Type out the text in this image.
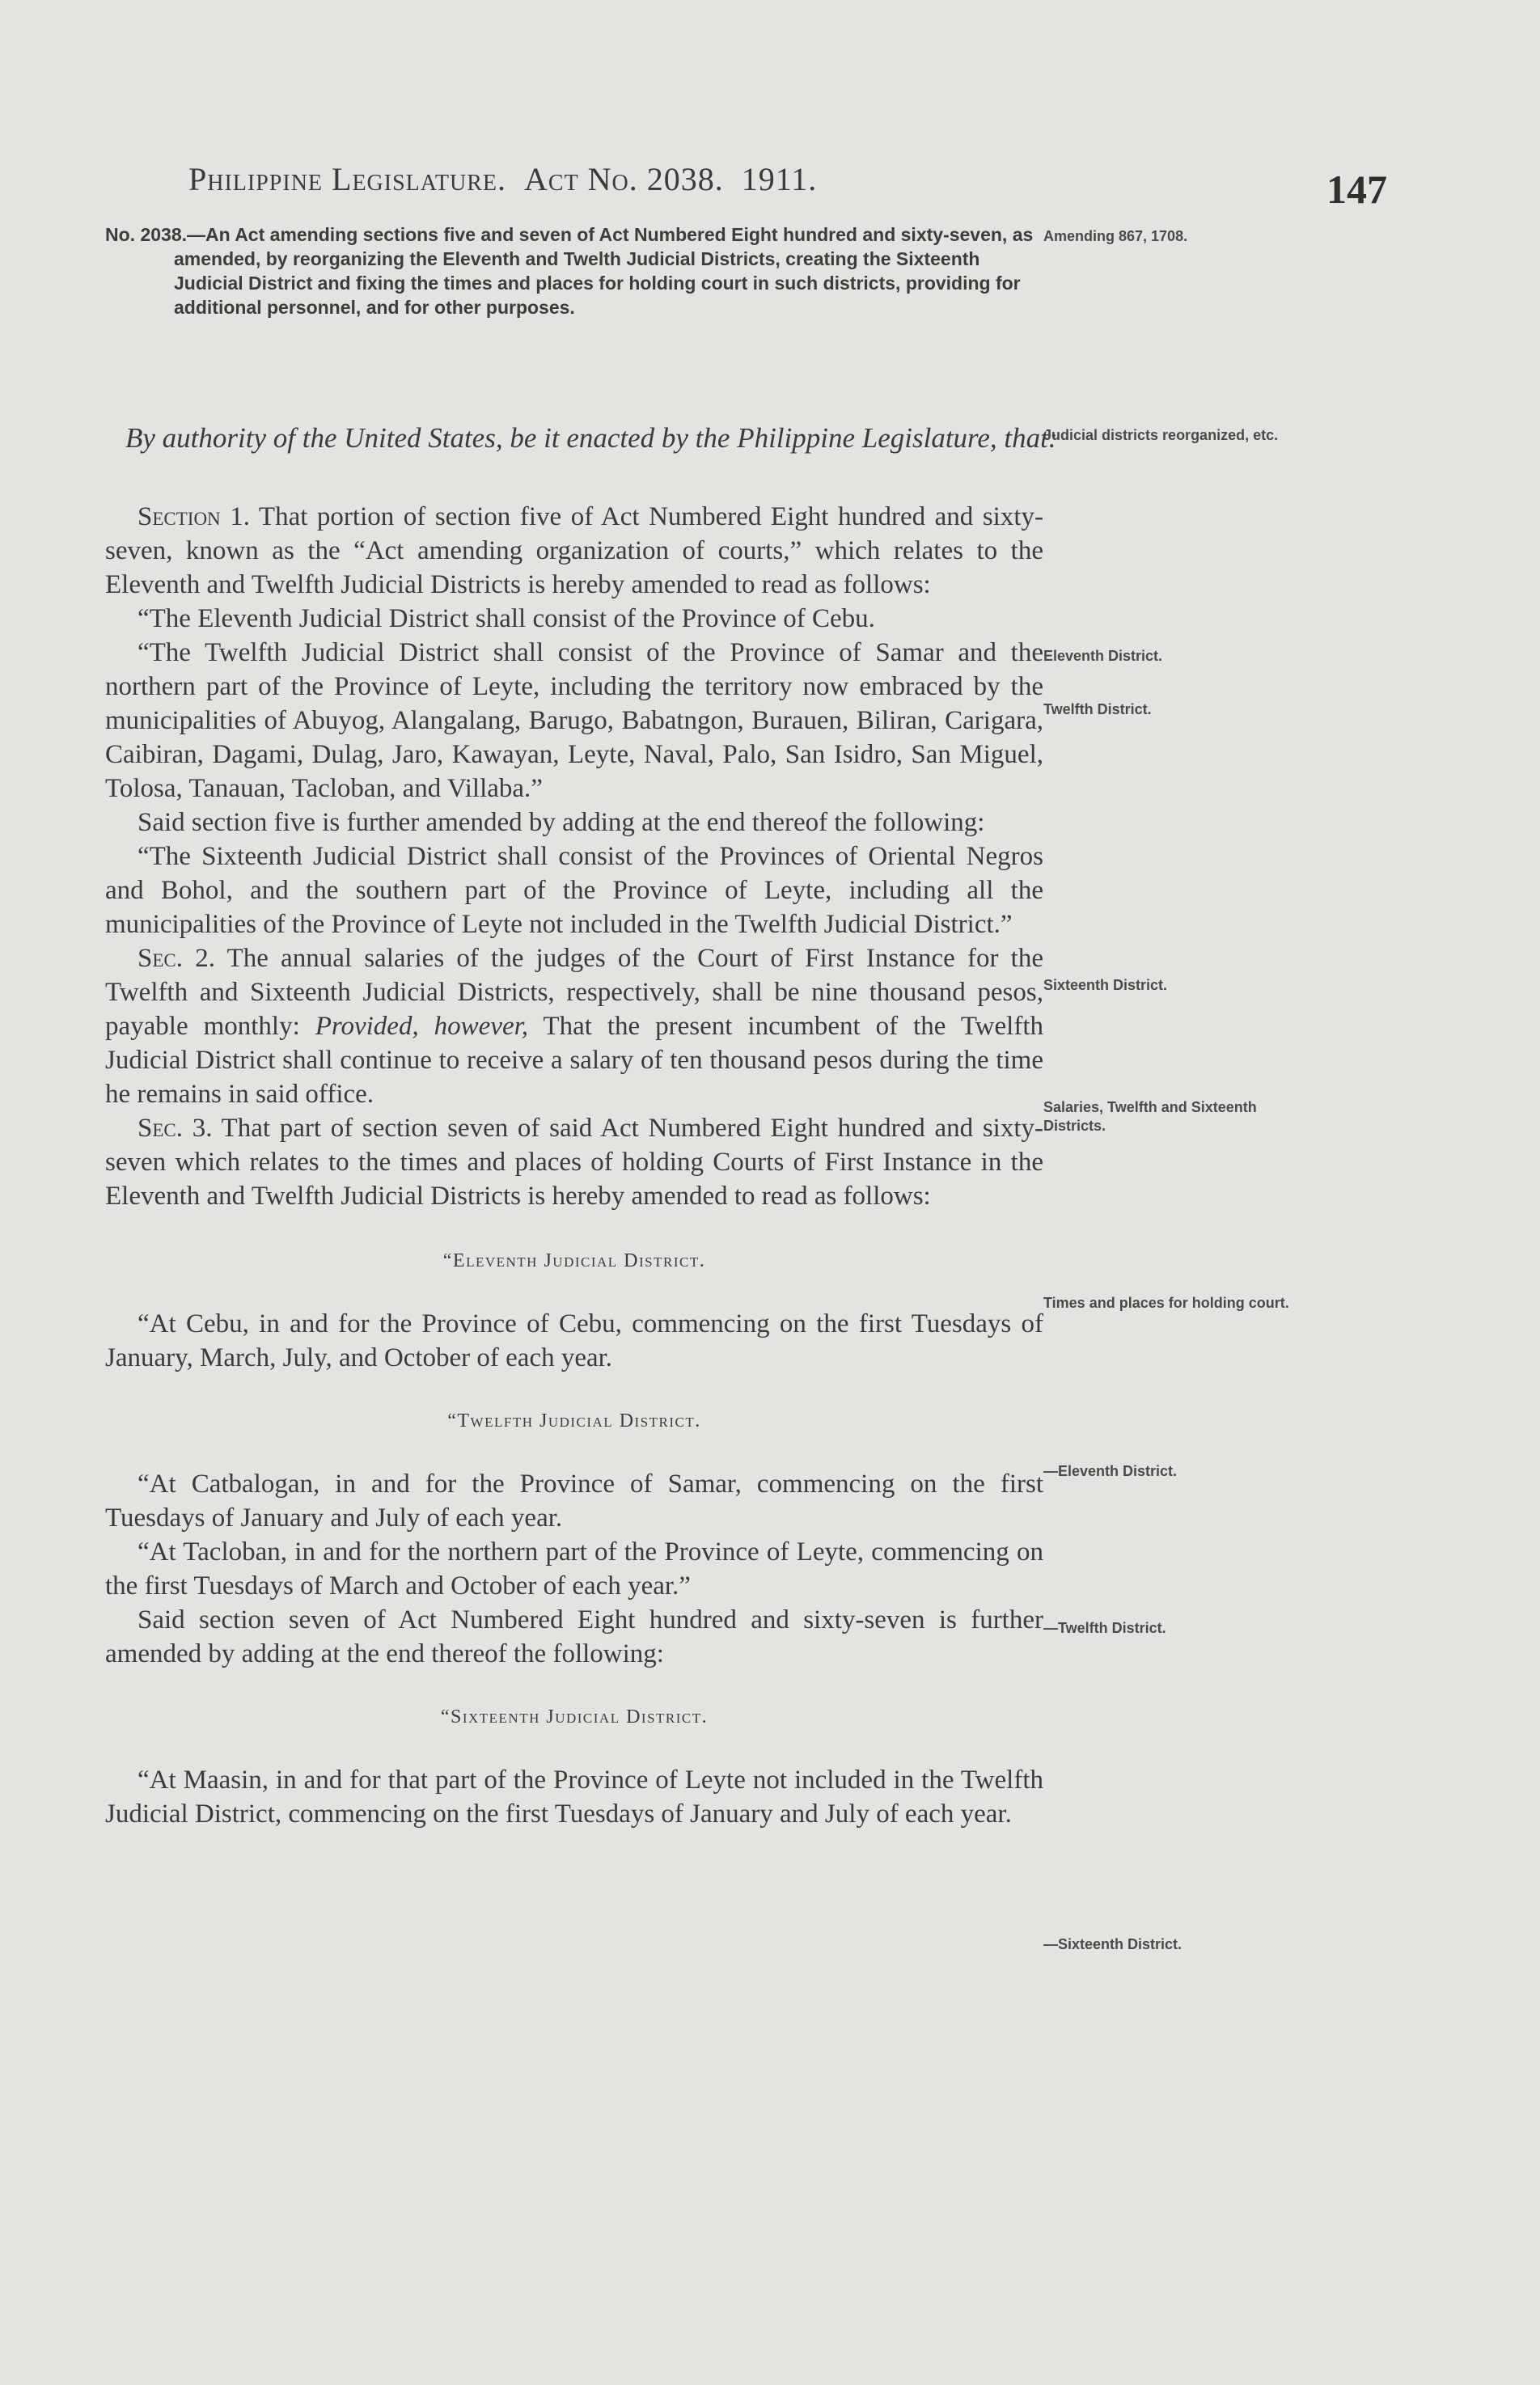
Philippine Legislature. Act No. 2038. 1911.	147
No. 2038.—An Act amending sections five and seven of Act Numbered Eight hundred and sixty-seven, as amended, by reorganizing the Eleventh and Twelth Judicial Districts, creating the Sixteenth Judicial District and fixing the times and places for holding court in such districts, providing for additional personnel, and for other purposes.
By authority of the United States, be it enacted by the Philippine Legislature, that:
Amending 867, 1708.
Judicial districts reorganized, etc.
Eleventh District.
Twelfth District.
Sixteenth District.
Salaries, Twelfth and Sixteenth Districts.
Times and places for holding court.
—Eleventh District.
—Twelfth District.
—Sixteenth District.

Section 1. That portion of section five of Act Numbered Eight hundred and sixty-seven, known as the “Act amending organization of courts,” which relates to the Eleventh and Twelfth Judicial Districts is hereby amended to read as follows:

“The Eleventh Judicial District shall consist of the Province of Cebu.

“The Twelfth Judicial District shall consist of the Province of Samar and the northern part of the Province of Leyte, including the territory now embraced by the municipalities of Abuyog, Alangalang, Barugo, Babatngon, Burauen, Biliran, Carigara, Caibiran, Dagami, Dulag, Jaro, Kawayan, Leyte, Naval, Palo, San Isidro, San Miguel, Tolosa, Tanauan, Tacloban, and Villaba.”

Said section five is further amended by adding at the end thereof the following:

“The Sixteenth Judicial District shall consist of the Provinces of Oriental Negros and Bohol, and the southern part of the Province of Leyte, including all the municipalities of the Province of Leyte not included in the Twelfth Judicial District.”

Sec. 2. The annual salaries of the judges of the Court of First Instance for the Twelfth and Sixteenth Judicial Districts, respectively, shall be nine thousand pesos, payable monthly: Provided, however, That the present incumbent of the Twelfth Judicial District shall continue to receive a salary of ten thousand pesos during the time he remains in said office.

Sec. 3. That part of section seven of said Act Numbered Eight hundred and sixty-seven which relates to the times and places of holding Courts of First Instance in the Eleventh and Twelfth Judicial Districts is hereby amended to read as follows:

“Eleventh Judicial District.

“At Cebu, in and for the Province of Cebu, commencing on the first Tuesdays of January, March, July, and October of each year.

“Twelfth Judicial District.

“At Catbalogan, in and for the Province of Samar, commencing on the first Tuesdays of January and July of each year.

“At Tacloban, in and for the northern part of the Province of Leyte, commencing on the first Tuesdays of March and October of each year.”

Said section seven of Act Numbered Eight hundred and sixty-seven is further amended by adding at the end thereof the following:

“Sixteenth Judicial District.

“At Maasin, in and for that part of the Province of Leyte not included in the Twelfth Judicial District, commencing on the first Tuesdays of January and July of each year.
